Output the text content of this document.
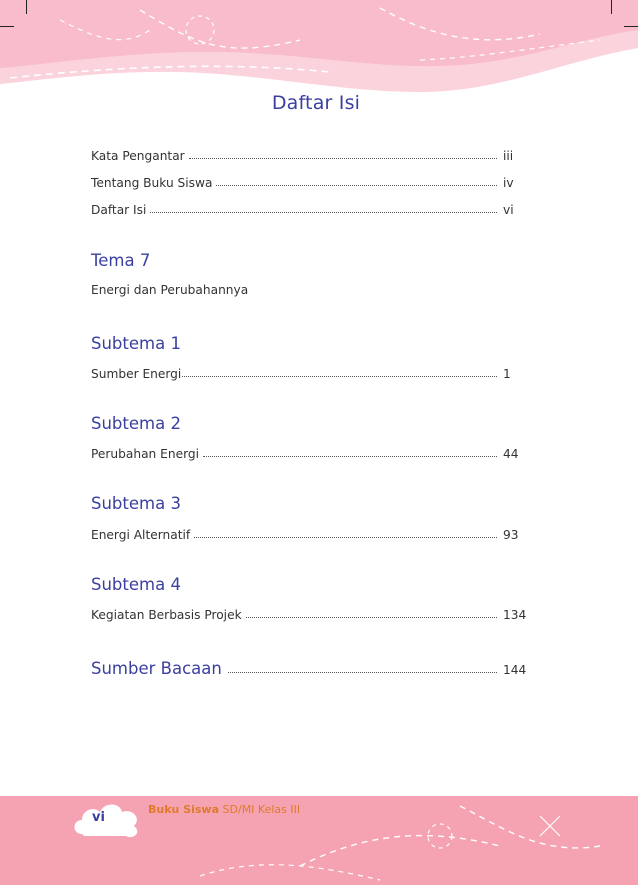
Daftar Isi
Kata Pengantar	iii
Tentang Buku Siswa	iv
Daftar Isi	vi
Tema 7
Energi dan Perubahannya
Subtema 1
Sumber Energi	1
Subtema 2
Perubahan Energi	44
Subtema 3
Energi Alternatif	93
Subtema 4
Kegiatan Berbasis Projek	134
Sumber Bacaan	144
vi
Buku Siswa SD/MI Kelas III
